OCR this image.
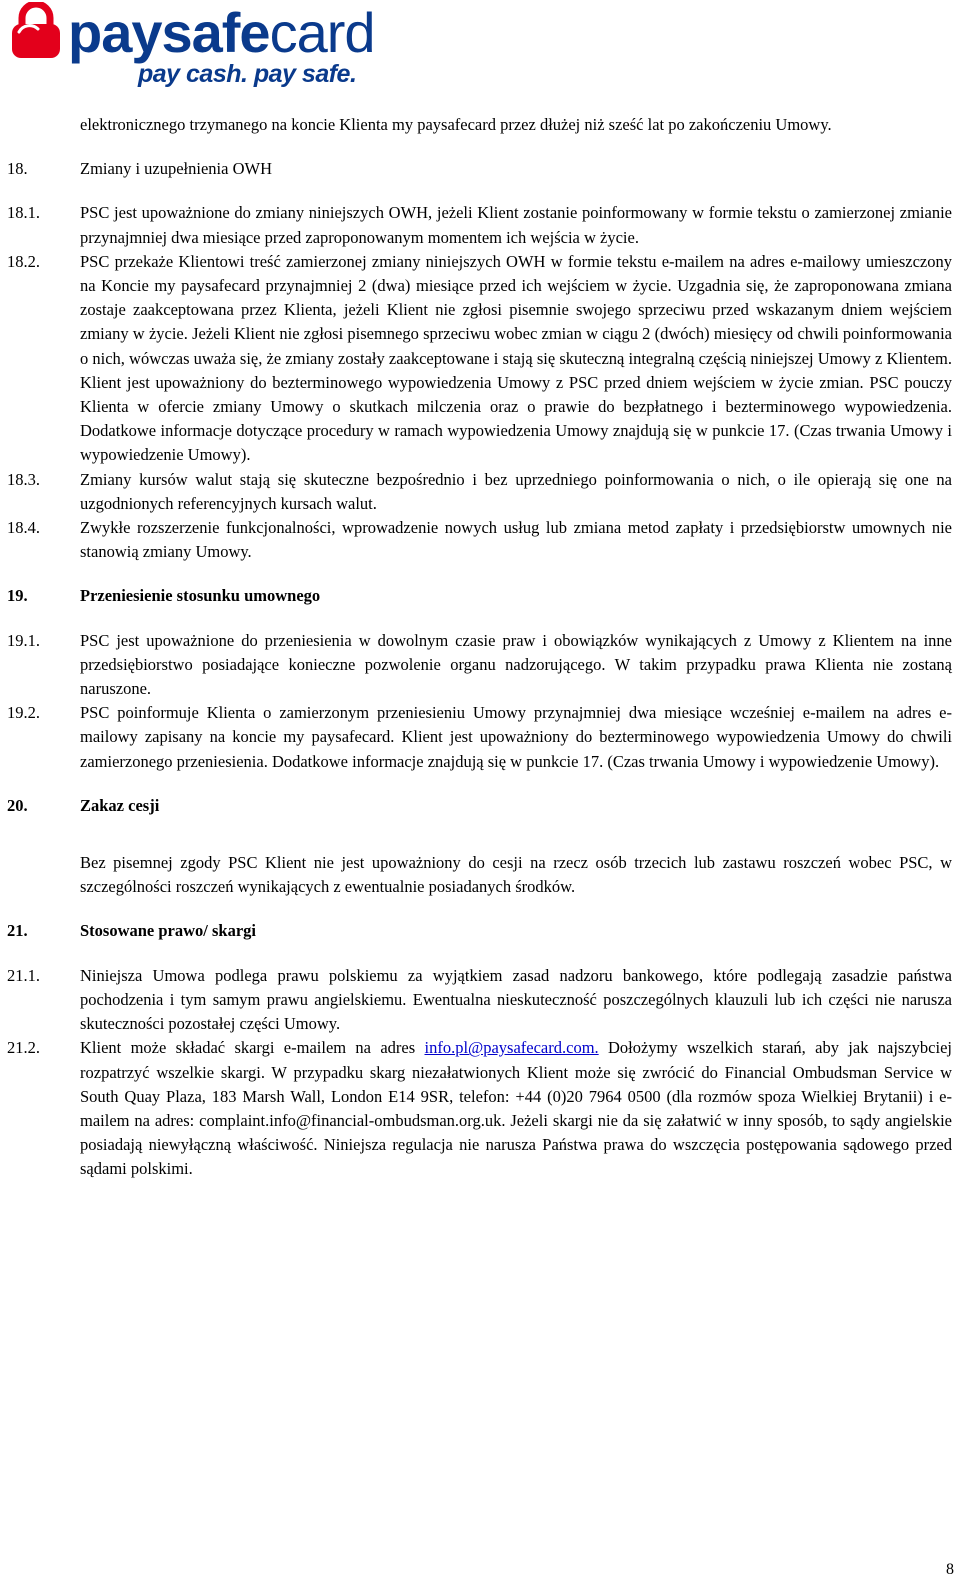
paysafecard
pay cash. pay safe.
elektronicznego trzymanego na koncie Klienta my paysafecard przez dłużej niż sześć lat po zakończeniu Umowy.
18.	Zmiany i uzupełnienia OWH
18.1.	PSC jest upoważnione do zmiany niniejszych OWH, jeżeli Klient zostanie poinformowany w formie tekstu o zamierzonej zmianie przynajmniej dwa miesiące przed zaproponowanym momentem ich wejścia w życie.
18.2.	PSC przekaże Klientowi treść zamierzonej zmiany niniejszych OWH w formie tekstu e-mailem na adres e-mailowy umieszczony na Koncie my paysafecard przynajmniej 2 (dwa) miesiące przed ich wejściem w życie. Uzgadnia się, że zaproponowana zmiana zostaje zaakceptowana przez Klienta, jeżeli Klient nie zgłosi pisemnie swojego sprzeciwu przed wskazanym dniem wejściem zmiany w życie. Jeżeli Klient nie zgłosi pisemnego sprzeciwu wobec zmian w ciągu 2 (dwóch) miesięcy od chwili poinformowania o nich, wówczas uważa się, że zmiany zostały zaakceptowane i stają się skuteczną integralną częścią niniejszej Umowy z Klientem. Klient jest upoważniony do bezterminowego wypowiedzenia Umowy z PSC przed dniem wejściem w życie zmian. PSC pouczy Klienta w ofercie zmiany Umowy o skutkach milczenia oraz o prawie do bezpłatnego i bezterminowego wypowiedzenia. Dodatkowe informacje dotyczące procedury w ramach wypowiedzenia Umowy znajdują się w punkcie 17. (Czas trwania Umowy i wypowiedzenie Umowy).
18.3.	Zmiany kursów walut stają się skuteczne bezpośrednio i bez uprzedniego poinformowania o nich, o ile opierają się one na uzgodnionych referencyjnych kursach walut.
18.4.	Zwykłe rozszerzenie funkcjonalności, wprowadzenie nowych usług lub zmiana metod zapłaty i przedsiębiorstw umownych nie stanowią zmiany Umowy.
19.	Przeniesienie stosunku umownego
19.1.	PSC jest upoważnione do przeniesienia w dowolnym czasie praw i obowiązków wynikających z Umowy z Klientem na inne przedsiębiorstwo posiadające konieczne pozwolenie organu nadzorującego. W takim przypadku prawa Klienta nie zostaną naruszone.
19.2.	PSC poinformuje Klienta o zamierzonym przeniesieniu Umowy przynajmniej dwa miesiące wcześniej e-mailem na adres e-mailowy zapisany na koncie my paysafecard. Klient jest upoważniony do bezterminowego wypowiedzenia Umowy do chwili zamierzonego przeniesienia. Dodatkowe informacje znajdują się w punkcie 17. (Czas trwania Umowy i wypowiedzenie Umowy).
20.	Zakaz cesji
Bez pisemnej zgody PSC Klient nie jest upoważniony do cesji na rzecz osób trzecich lub zastawu roszczeń wobec PSC, w szczególności roszczeń wynikających z ewentualnie posiadanych środków.
21.	Stosowane prawo/ skargi
21.1.	Niniejsza Umowa podlega prawu polskiemu za wyjątkiem zasad nadzoru bankowego, które podlegają zasadzie państwa pochodzenia i tym samym prawu angielskiemu. Ewentualna nieskuteczność poszczególnych klauzuli lub ich części nie narusza skuteczności pozostałej części Umowy.
21.2.	Klient może składać skargi e-mailem na adres info.pl@paysafecard.com. Dołożymy wszelkich starań, aby jak najszybciej rozpatrzyć wszelkie skargi. W przypadku skarg niezałatwionych Klient może się zwrócić do Financial Ombudsman Service w South Quay Plaza, 183 Marsh Wall, London E14 9SR, telefon: +44 (0)20 7964 0500 (dla rozmów spoza Wielkiej Brytanii) i e-mailem na adres: complaint.info@financial-ombudsman.org.uk. Jeżeli skargi nie da się załatwić w inny sposób, to sądy angielskie posiadają niewyłączną właściwość. Niniejsza regulacja nie narusza Państwa prawa do wszczęcia postępowania sądowego przed sądami polskimi.
8
